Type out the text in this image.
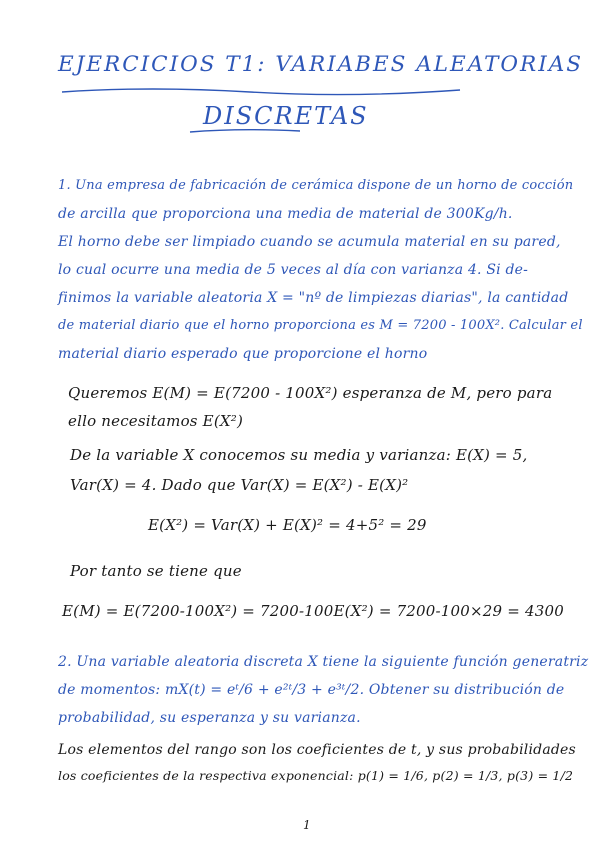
EJERCICIOS T1: VARIABES ALEATORIAS
DISCRETAS
1. Una empresa de fabricación de cerámica dispone de un horno de cocción
de arcilla que proporciona una media de material de 300Kg/h.
El horno debe ser limpiado cuando se acumula material en su pared,
lo cual ocurre una media de 5 veces al día con varianza 4. Si de-
finimos la variable aleatoria X = "nº de limpiezas diarias", la cantidad
de material diario que el horno proporciona es M = 7200 - 100X². Calcular el
material diario esperado que proporcione el horno
Queremos E(M) = E(7200 - 100X²) esperanza de M, pero para
ello necesitamos E(X²)
De la variable X conocemos su media y varianza: E(X) = 5,
Var(X) = 4. Dado que Var(X) = E(X²) - E(X)²
E(X²) = Var(X) + E(X)² = 4+5² = 29
Por tanto se tiene que
E(M) = E(7200-100X²) = 7200-100E(X²) = 7200-100×29 = 4300
2. Una variable aleatoria discreta X tiene la siguiente función generatriz
de momentos: mX(t) = eᵗ/6 + e²ᵗ/3 + e³ᵗ/2. Obtener su distribución de
probabilidad, su esperanza y su varianza.
Los elementos del rango son los coeficientes de t, y sus probabilidades
los coeficientes de la respectiva exponencial: p(1) = 1/6, p(2) = 1/3, p(3) = 1/2
1
